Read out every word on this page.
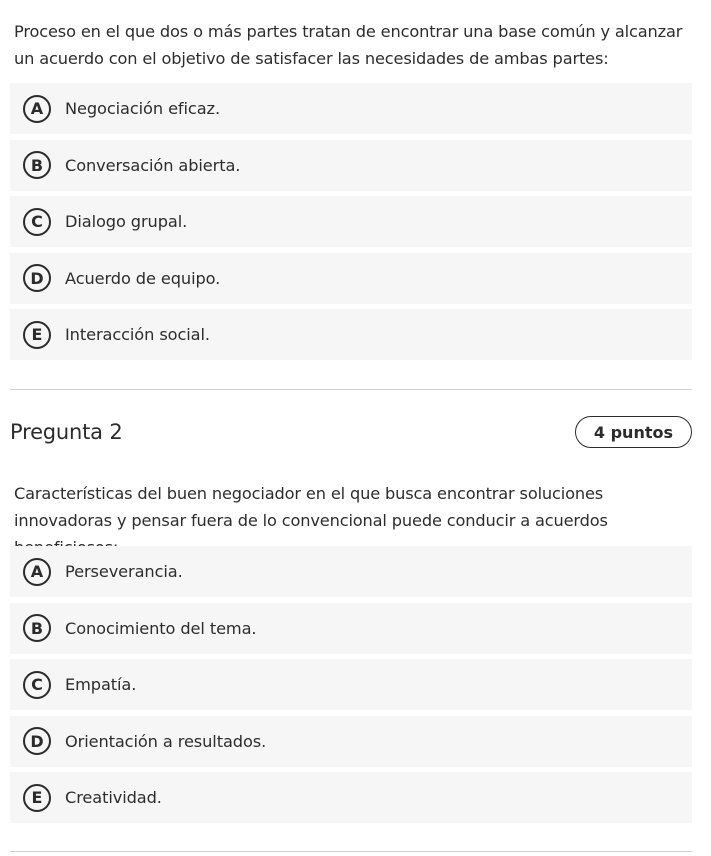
Proceso en el que dos o más partes tratan de encontrar una base común y alcanzar un acuerdo con el objetivo de satisfacer las necesidades de ambas partes:
A	Negociación eficaz.
B	Conversación abierta.
C	Dialogo grupal.
D	Acuerdo de equipo.
E	Interacción social.
Pregunta 2	4 puntos
Características del buen negociador en el que busca encontrar soluciones innovadoras y pensar fuera de lo convencional puede conducir a acuerdos
A	Perseverancia.
B	Conocimiento del tema.
C	Empatía.
D	Orientación a resultados.
E	Creatividad.
